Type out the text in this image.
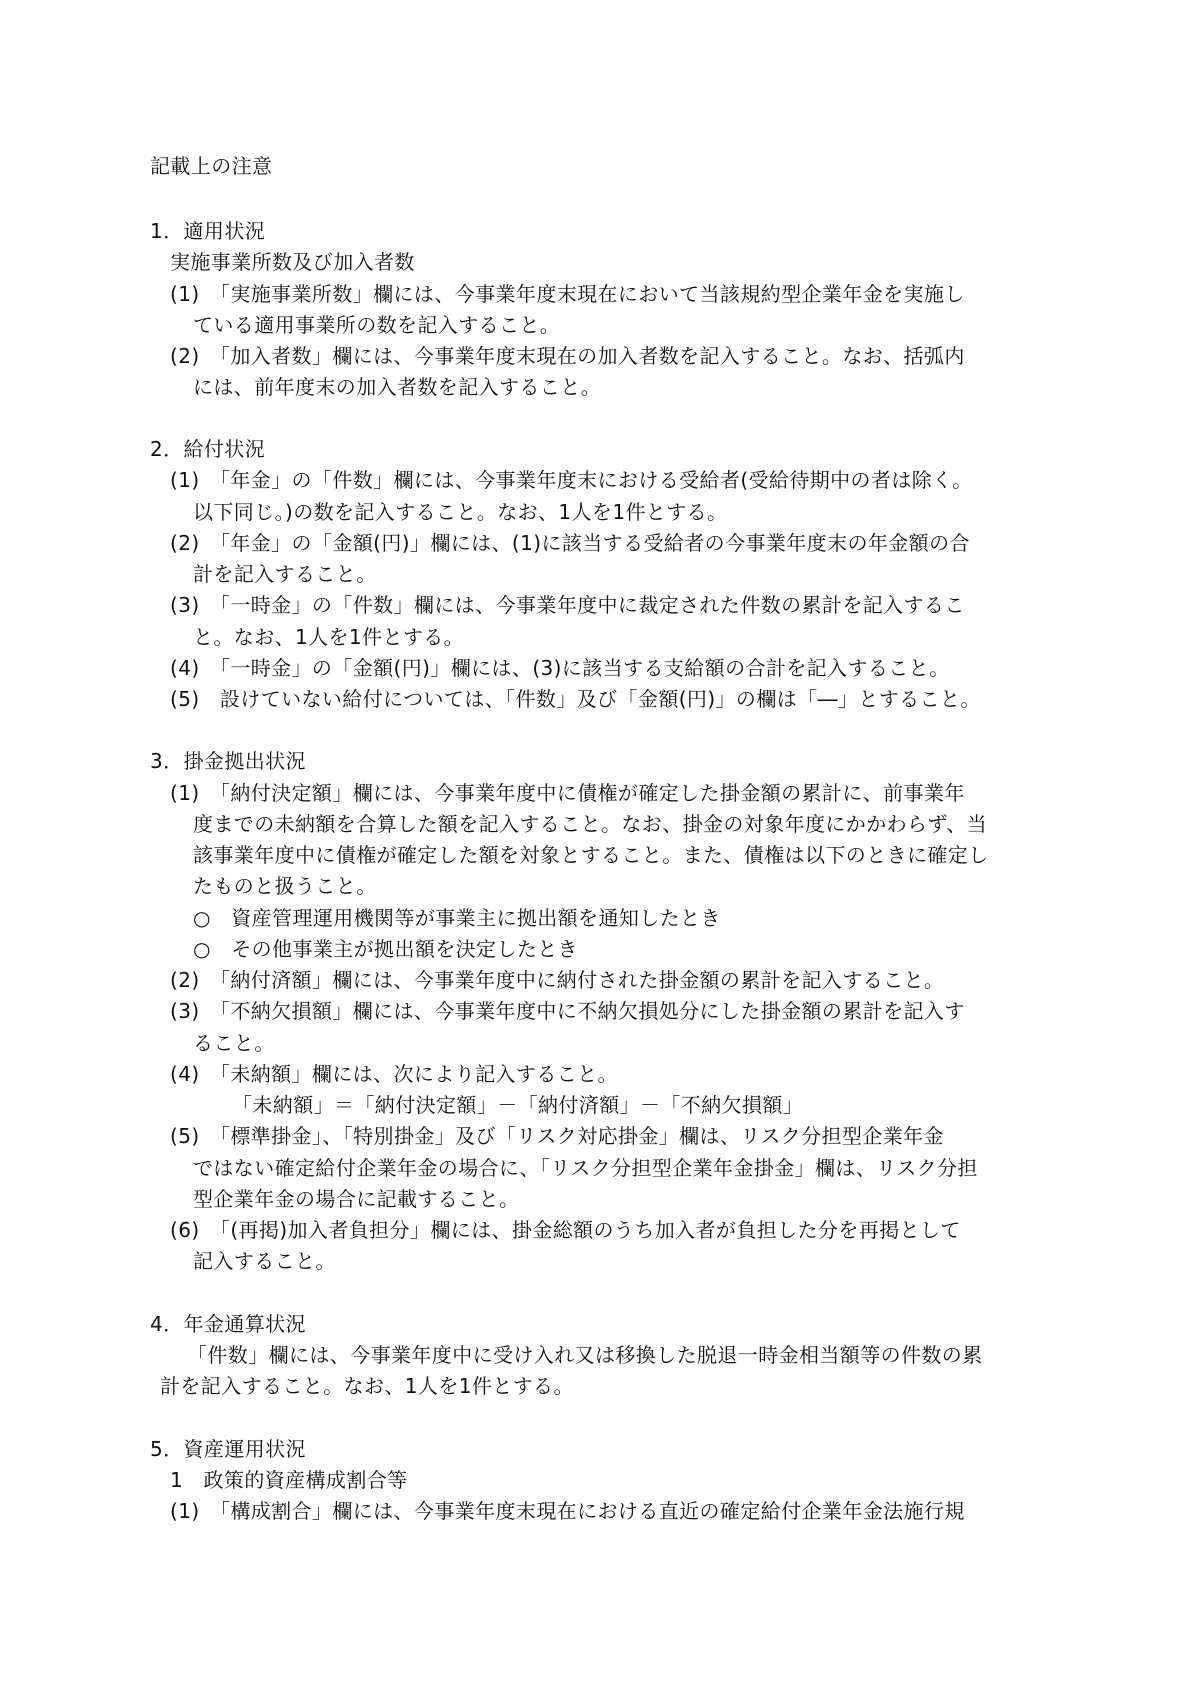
記載上の注意
1．適用状況
実施事業所数及び加入者数
(1)　「実施事業所数」欄には、今事業年度末現在において当該規約型企業年金を実施し
ている適用事業所の数を記入すること。
(2)　「加入者数」欄には、今事業年度末現在の加入者数を記入すること。なお、括弧内
には、前年度末の加入者数を記入すること。
2．給付状況
(1)　「年金」の「件数」欄には、今事業年度末における受給者(受給待期中の者は除く。
以下同じ。)の数を記入すること。なお、1人を1件とする。
(2)　「年金」の「金額(円)」欄には、(1)に該当する受給者の今事業年度末の年金額の合
計を記入すること。
(3)　「一時金」の「件数」欄には、今事業年度中に裁定された件数の累計を記入するこ
と。なお、1人を1件とする。
(4)　「一時金」の「金額(円)」欄には、(3)に該当する支給額の合計を記入すること。
(5)　設けていない給付については、「件数」及び「金額(円)」の欄は「―」とすること。
3．掛金拠出状況
(1)　「納付決定額」欄には、今事業年度中に債権が確定した掛金額の累計に、前事業年
度までの未納額を合算した額を記入すること。なお、掛金の対象年度にかかわらず、当
該事業年度中に債権が確定した額を対象とすること。また、債権は以下のときに確定し
たものと扱うこと。
○　資産管理運用機関等が事業主に拠出額を通知したとき
○　その他事業主が拠出額を決定したとき
(2)　「納付済額」欄には、今事業年度中に納付された掛金額の累計を記入すること。
(3)　「不納欠損額」欄には、今事業年度中に不納欠損処分にした掛金額の累計を記入す
ること。
(4)　「未納額」欄には、次により記入すること。
「未納額」＝「納付決定額」－「納付済額」－「不納欠損額」
(5)　「標準掛金」、「特別掛金」及び「リスク対応掛金」欄は、リスク分担型企業年金
ではない確定給付企業年金の場合に、「リスク分担型企業年金掛金」欄は、リスク分担
型企業年金の場合に記載すること。
(6)　「(再掲)加入者負担分」欄には、掛金総額のうち加入者が負担した分を再掲として
記入すること。
4．年金通算状況
「件数」欄には、今事業年度中に受け入れ又は移換した脱退一時金相当額等の件数の累
計を記入すること。なお、1人を1件とする。
5．資産運用状況
1　政策的資産構成割合等
(1)　「構成割合」欄には、今事業年度末現在における直近の確定給付企業年金法施行規
